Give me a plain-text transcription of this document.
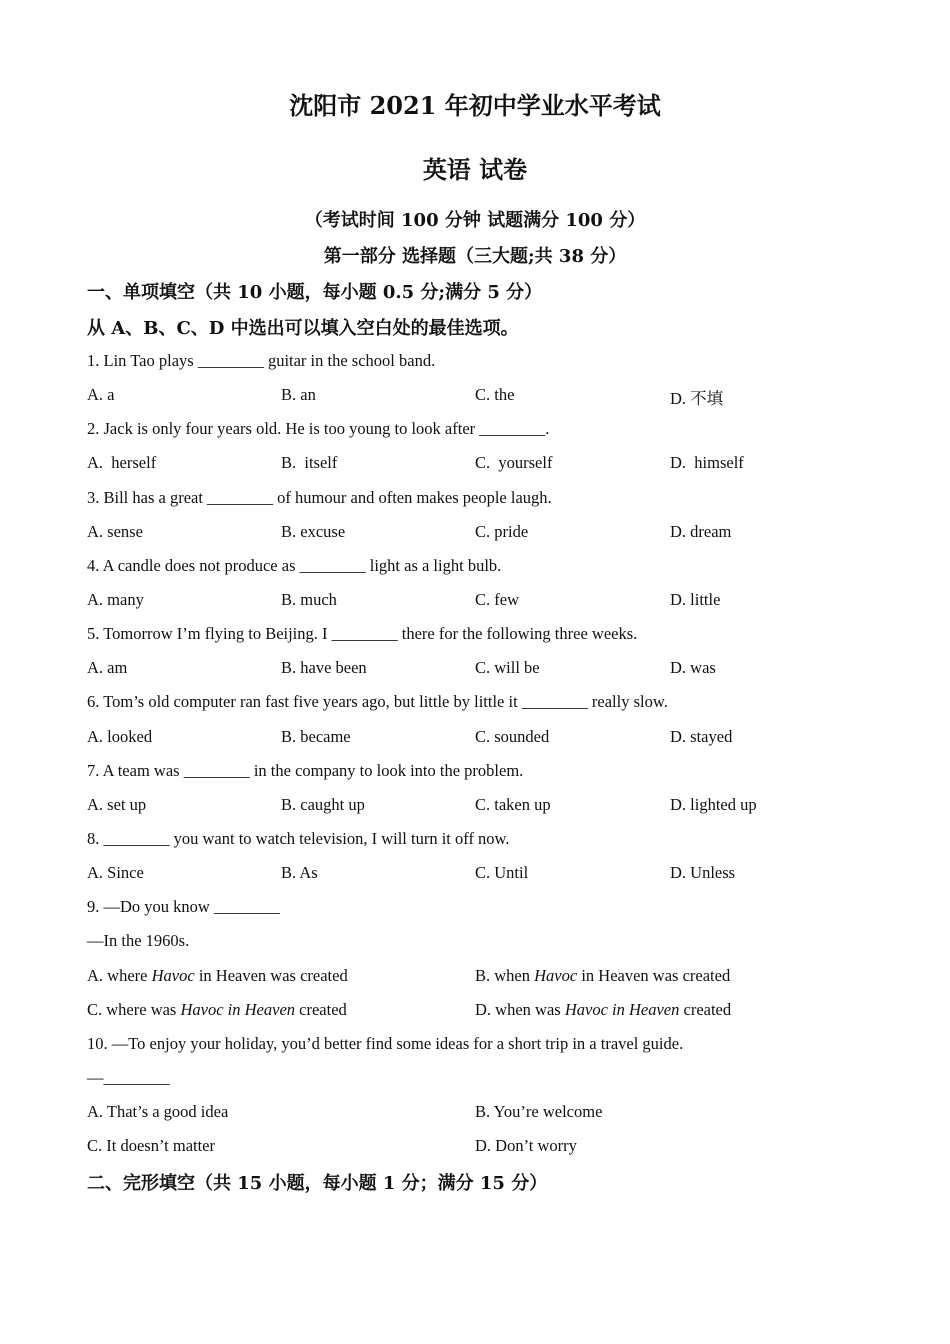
沈阳市 2021 年初中学业水平考试
英语 试卷
（考试时间 100 分钟 试题满分 100 分）
第一部分 选择题（三大题;共 38 分）
一、单项填空（共 10 小题，每小题 0.5 分;满分 5 分）
从 A、B、C、D 中选出可以填入空白处的最佳选项。
1. Lin Tao plays ________ guitar in the school band.
A. a	B. an	C. the	D. 不填
2. Jack is only four years old. He is too young to look after ________.
A.  herself	B.  itself	C.  yourself	D.  himself
3. Bill has a great ________ of humour and often makes people laugh.
A. sense	B. excuse	C. pride	D. dream
4. A candle does not produce as ________ light as a light bulb.
A. many	B. much	C. few	D. little
5. Tomorrow I’m flying to Beijing. I ________ there for the following three weeks.
A. am	B. have been	C. will be	D. was
6. Tom’s old computer ran fast five years ago, but little by little it ________ really slow.
A. looked	B. became	C. sounded	D. stayed
7. A team was ________ in the company to look into the problem.
A. set up	B. caught up	C. taken up	D. lighted up
8. ________ you want to watch television, I will turn it off now.
A. Since	B. As	C. Until	D. Unless
9. —Do you know ________
—In the 1960s.
A. where Havoc in Heaven was created	B. when Havoc in Heaven was created
C. where was Havoc in Heaven created	D. when was Havoc in Heaven created
10. —To enjoy your holiday, you’d better find some ideas for a short trip in a travel guide.
—________
A. That’s a good idea	B. You’re welcome
C. It doesn’t matter	D. Don’t worry
二、完形填空（共 15 小题，每小题 1 分；满分 15 分）
